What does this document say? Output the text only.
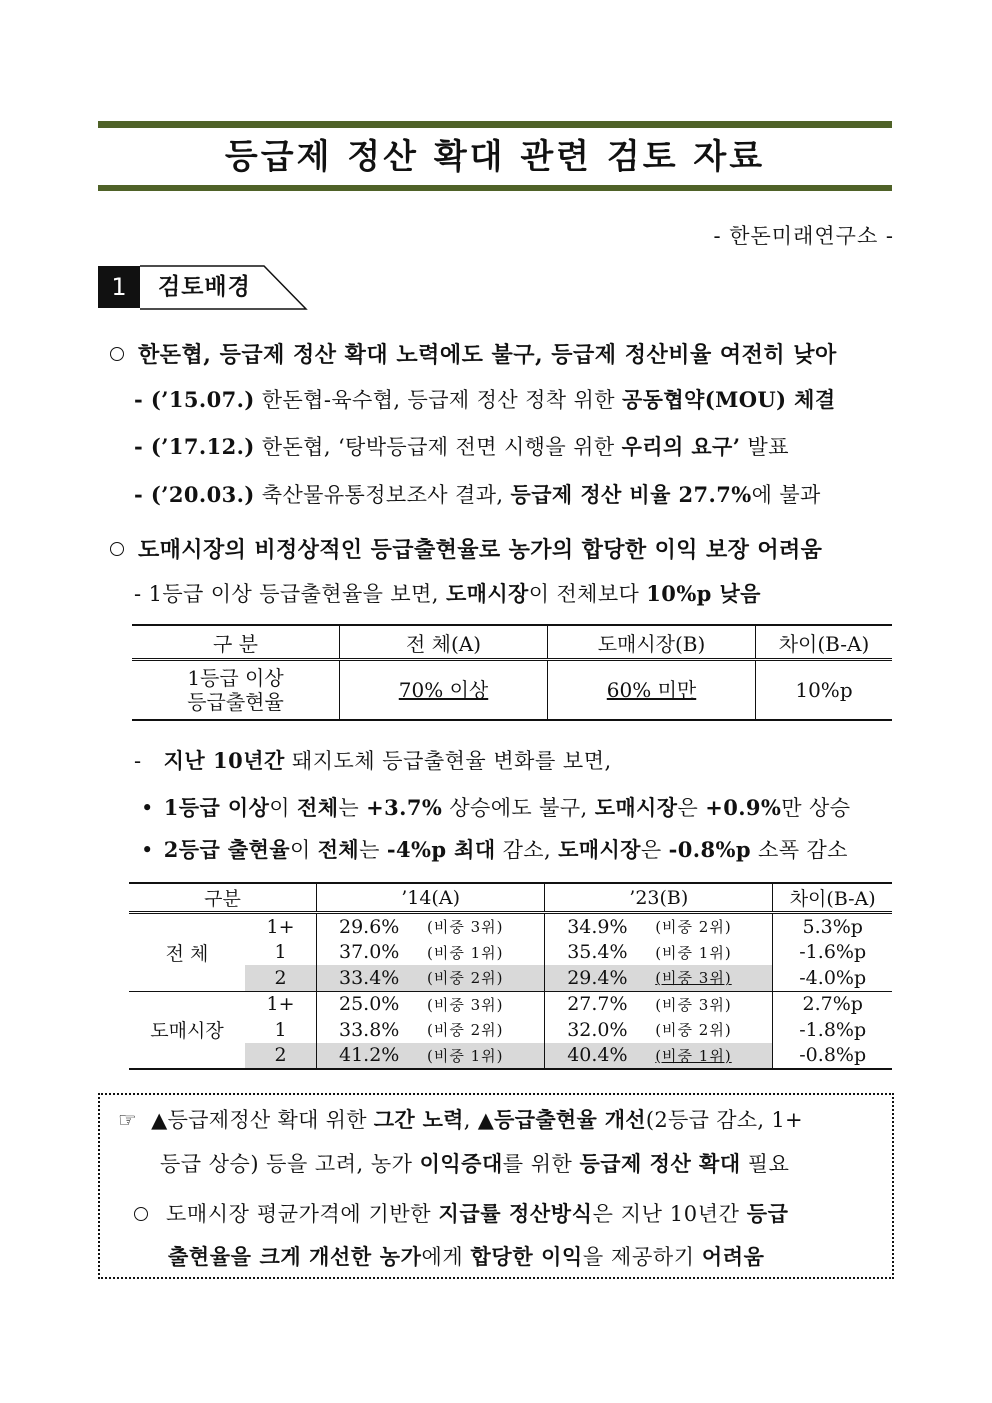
등급제 정산 확대 관련 검토 자료
- 한돈미래연구소 -
1	검토배경
한돈협, 등급제 정산 확대 노력에도 불구, 등급제 정산비율 여전히 낮아
- (’15.07.) 한돈협-육수협, 등급제 정산 정착 위한 공동협약(MOU) 체결
- (’17.12.) 한돈협, ‘탕박등급제 전면 시행을 위한 우리의 요구’ 발표
- (’20.03.) 축산물유통정보조사 결과, 등급제 정산 비율 27.7%에 불과
도매시장의 비정상적인 등급출현율로 농가의 합당한 이익 보장 어려움
- 1등급 이상 등급출현율을 보면, 도매시장이 전체보다 10%p 낮음
구 분	전 체(A)	도매시장(B)	차이(B-A)
1등급 이상
등급출현율	70% 이상	60% 미만	10%p
- 지난 10년간 돼지도체 등급출현율 변화를 보면,
• 1등급 이상이 전체는 +3.7% 상승에도 불구, 도매시장은 +0.9%만 상승
• 2등급 출현율이 전체는 -4%p 최대 감소, 도매시장은 -0.8%p 소폭 감소
구분		’14(A)		’23(B)		차이(B-A)
전 체	1+	29.6%	(비중 3위)	34.9%	(비중 2위)	5.3%p
	1	37.0%	(비중 1위)	35.4%	(비중 1위)	-1.6%p
	2	33.4%	(비중 2위)	29.4%	(비중 3위)	-4.0%p
도매시장	1+	25.0%	(비중 3위)	27.7%	(비중 3위)	2.7%p
	1	33.8%	(비중 2위)	32.0%	(비중 2위)	-1.8%p
	2	41.2%	(비중 1위)	40.4%	(비중 1위)	-0.8%p
☞ ▲등급제정산 확대 위한 그간 노력, ▲등급출현율 개선(2등급 감소, 1+
등급 상승) 등을 고려, 농가 이익증대를 위한 등급제 정산 확대 필요
도매시장 평균가격에 기반한 지급률 정산방식은 지난 10년간 등급
출현율을 크게 개선한 농가에게 합당한 이익을 제공하기 어려움
